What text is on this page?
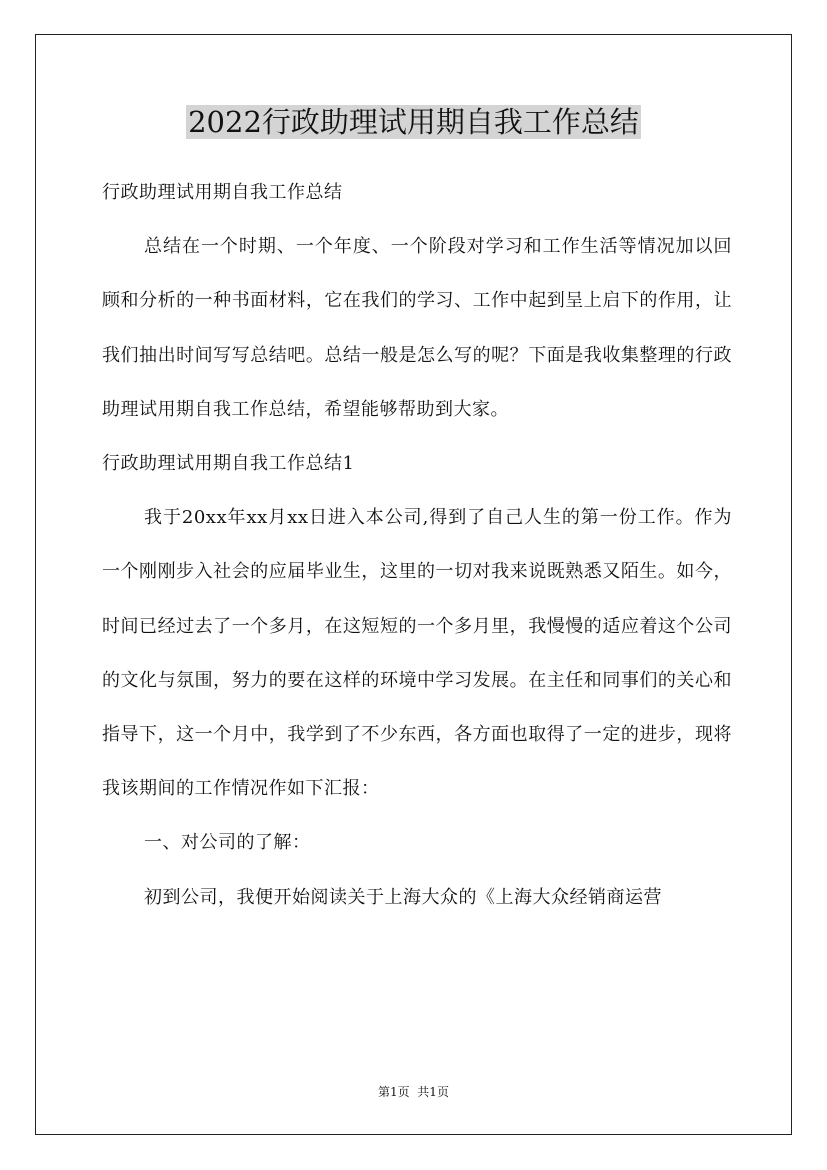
2022行政助理试用期自我工作总结

行政助理试用期自我工作总结

总结在一个时期、一个年度、一个阶段对学习和工作生活等情况加以回顾和分析的一种书面材料，它在我们的学习、工作中起到呈上启下的作用，让我们抽出时间写写总结吧。总结一般是怎么写的呢？下面是我收集整理的行政助理试用期自我工作总结，希望能够帮助到大家。

行政助理试用期自我工作总结1

我于20xx年xx月xx日进入本公司,得到了自己人生的第一份工作。作为一个刚刚步入社会的应届毕业生，这里的一切对我来说既熟悉又陌生。如今，时间已经过去了一个多月，在这短短的一个多月里，我慢慢的适应着这个公司的文化与氛围，努力的要在这样的环境中学习发展。在主任和同事们的关心和指导下，这一个月中，我学到了不少东西，各方面也取得了一定的进步，现将我该期间的工作情况作如下汇报：

一、对公司的了解：

初到公司，我便开始阅读关于上海大众的《上海大众经销商运营

第1页  共1页
